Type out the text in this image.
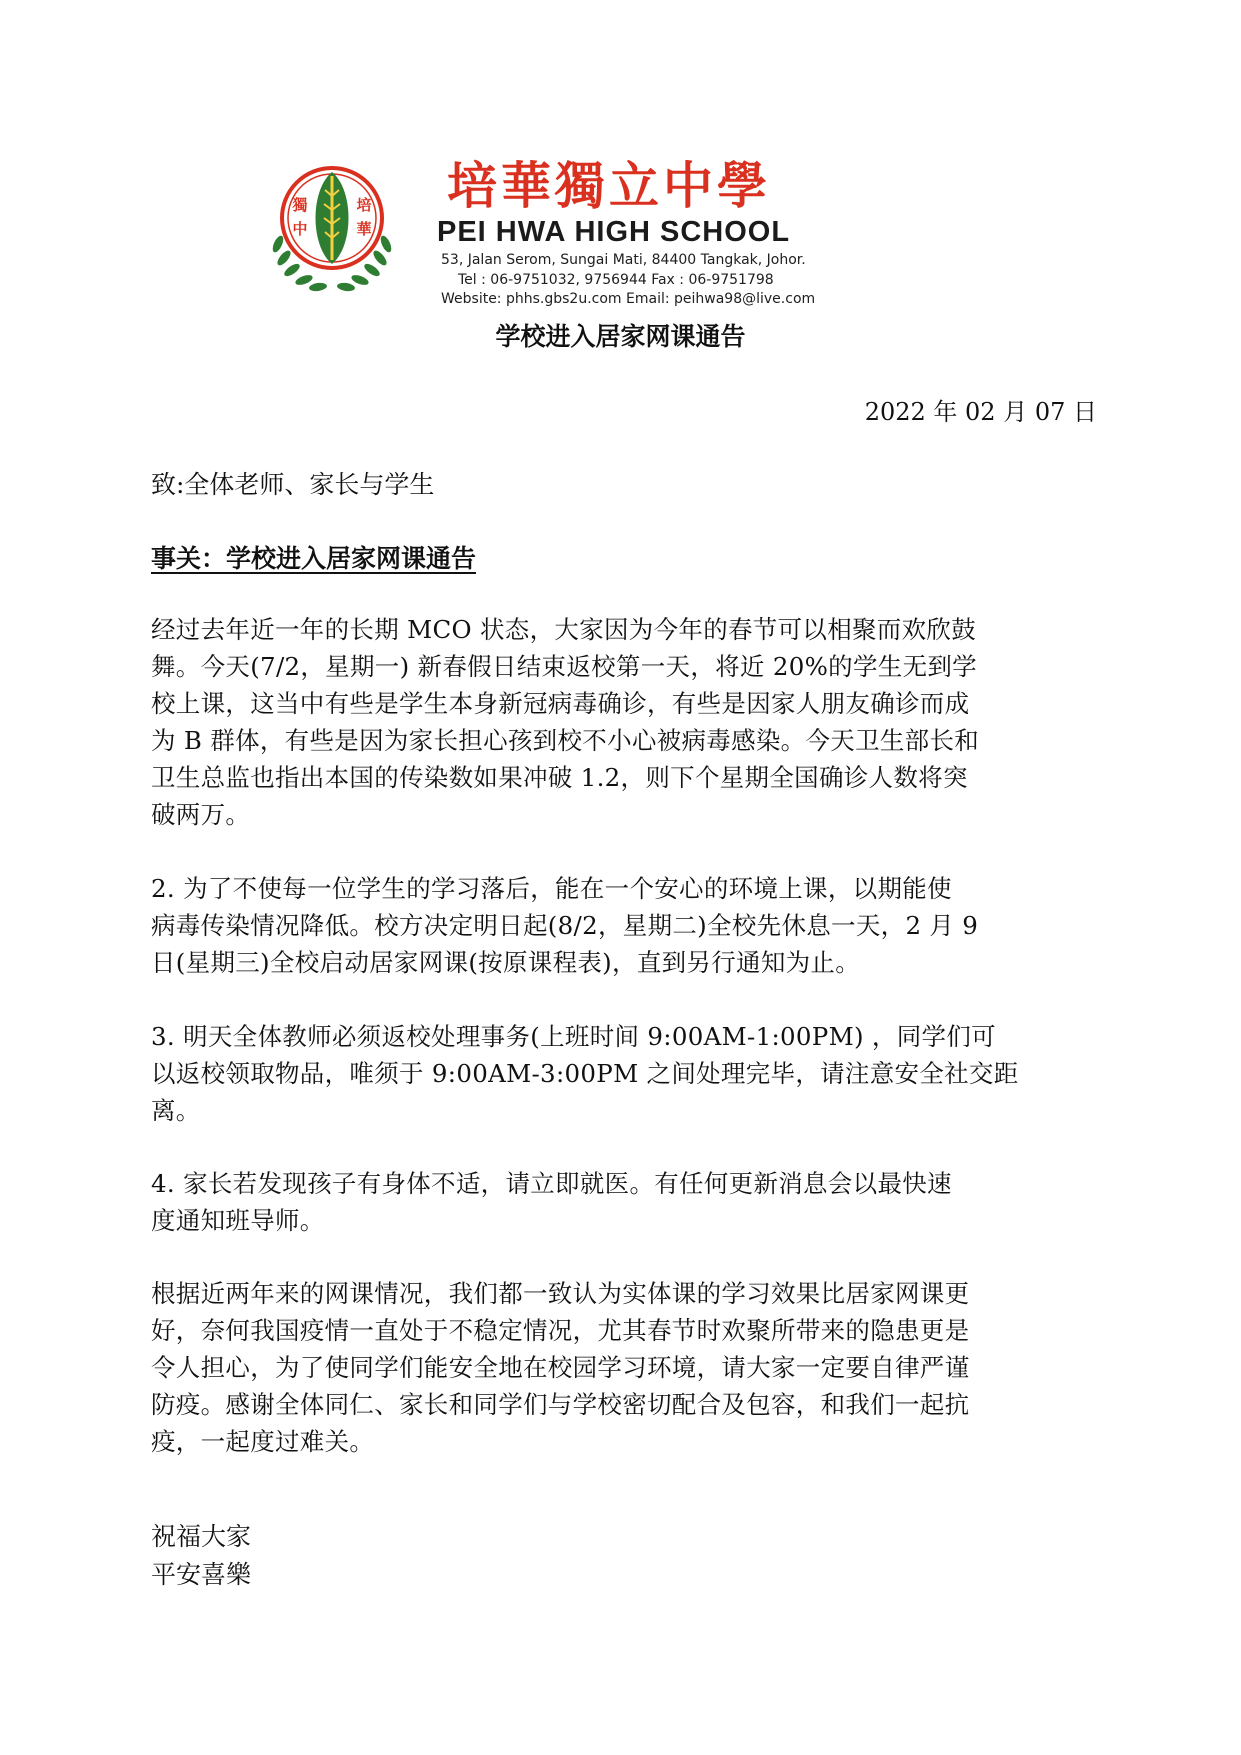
獨
中
培
華
培華獨立中學
PEI HWA HIGH SCHOOL
53, Jalan Serom, Sungai Mati, 84400 Tangkak, Johor.
Tel : 06-9751032, 9756944 Fax : 06-9751798
Website: phhs.gbs2u.com Email: peihwa98@live.com
学校进入居家网课通告
2022 年 02 月 07 日
致:全体老师、家长与学生
事关：学校进入居家网课通告
经过去年近一年的长期 MCO 状态，大家因为今年的春节可以相聚而欢欣鼓
舞。今天(7/2，星期一) 新春假日结束返校第一天，将近 20%的学生无到学
校上课，这当中有些是学生本身新冠病毒确诊，有些是因家人朋友确诊而成
为 B 群体，有些是因为家长担心孩到校不小心被病毒感染。今天卫生部长和
卫生总监也指出本国的传染数如果冲破 1.2，则下个星期全国确诊人数将突
破两万。
2. 为了不使每一位学生的学习落后，能在一个安心的环境上课，以期能使
病毒传染情况降低。校方决定明日起(8/2，星期二)全校先休息一天，2 月 9
日(星期三)全校启动居家网课(按原课程表)，直到另行通知为止。
3. 明天全体教师必须返校处理事务(上班时间 9:00AM-1:00PM) ，同学们可
以返校领取物品，唯须于 9:00AM-3:00PM 之间处理完毕，请注意安全社交距
离。
4. 家长若发现孩子有身体不适，请立即就医。有任何更新消息会以最快速
度通知班导师。
根据近两年来的网课情况，我们都一致认为实体课的学习效果比居家网课更
好，奈何我国疫情一直处于不稳定情况，尤其春节时欢聚所带来的隐患更是
令人担心，为了使同学们能安全地在校园学习环境，请大家一定要自律严谨
防疫。感谢全体同仁、家长和同学们与学校密切配合及包容，和我们一起抗
疫，一起度过难关。
祝福大家
平安喜樂
